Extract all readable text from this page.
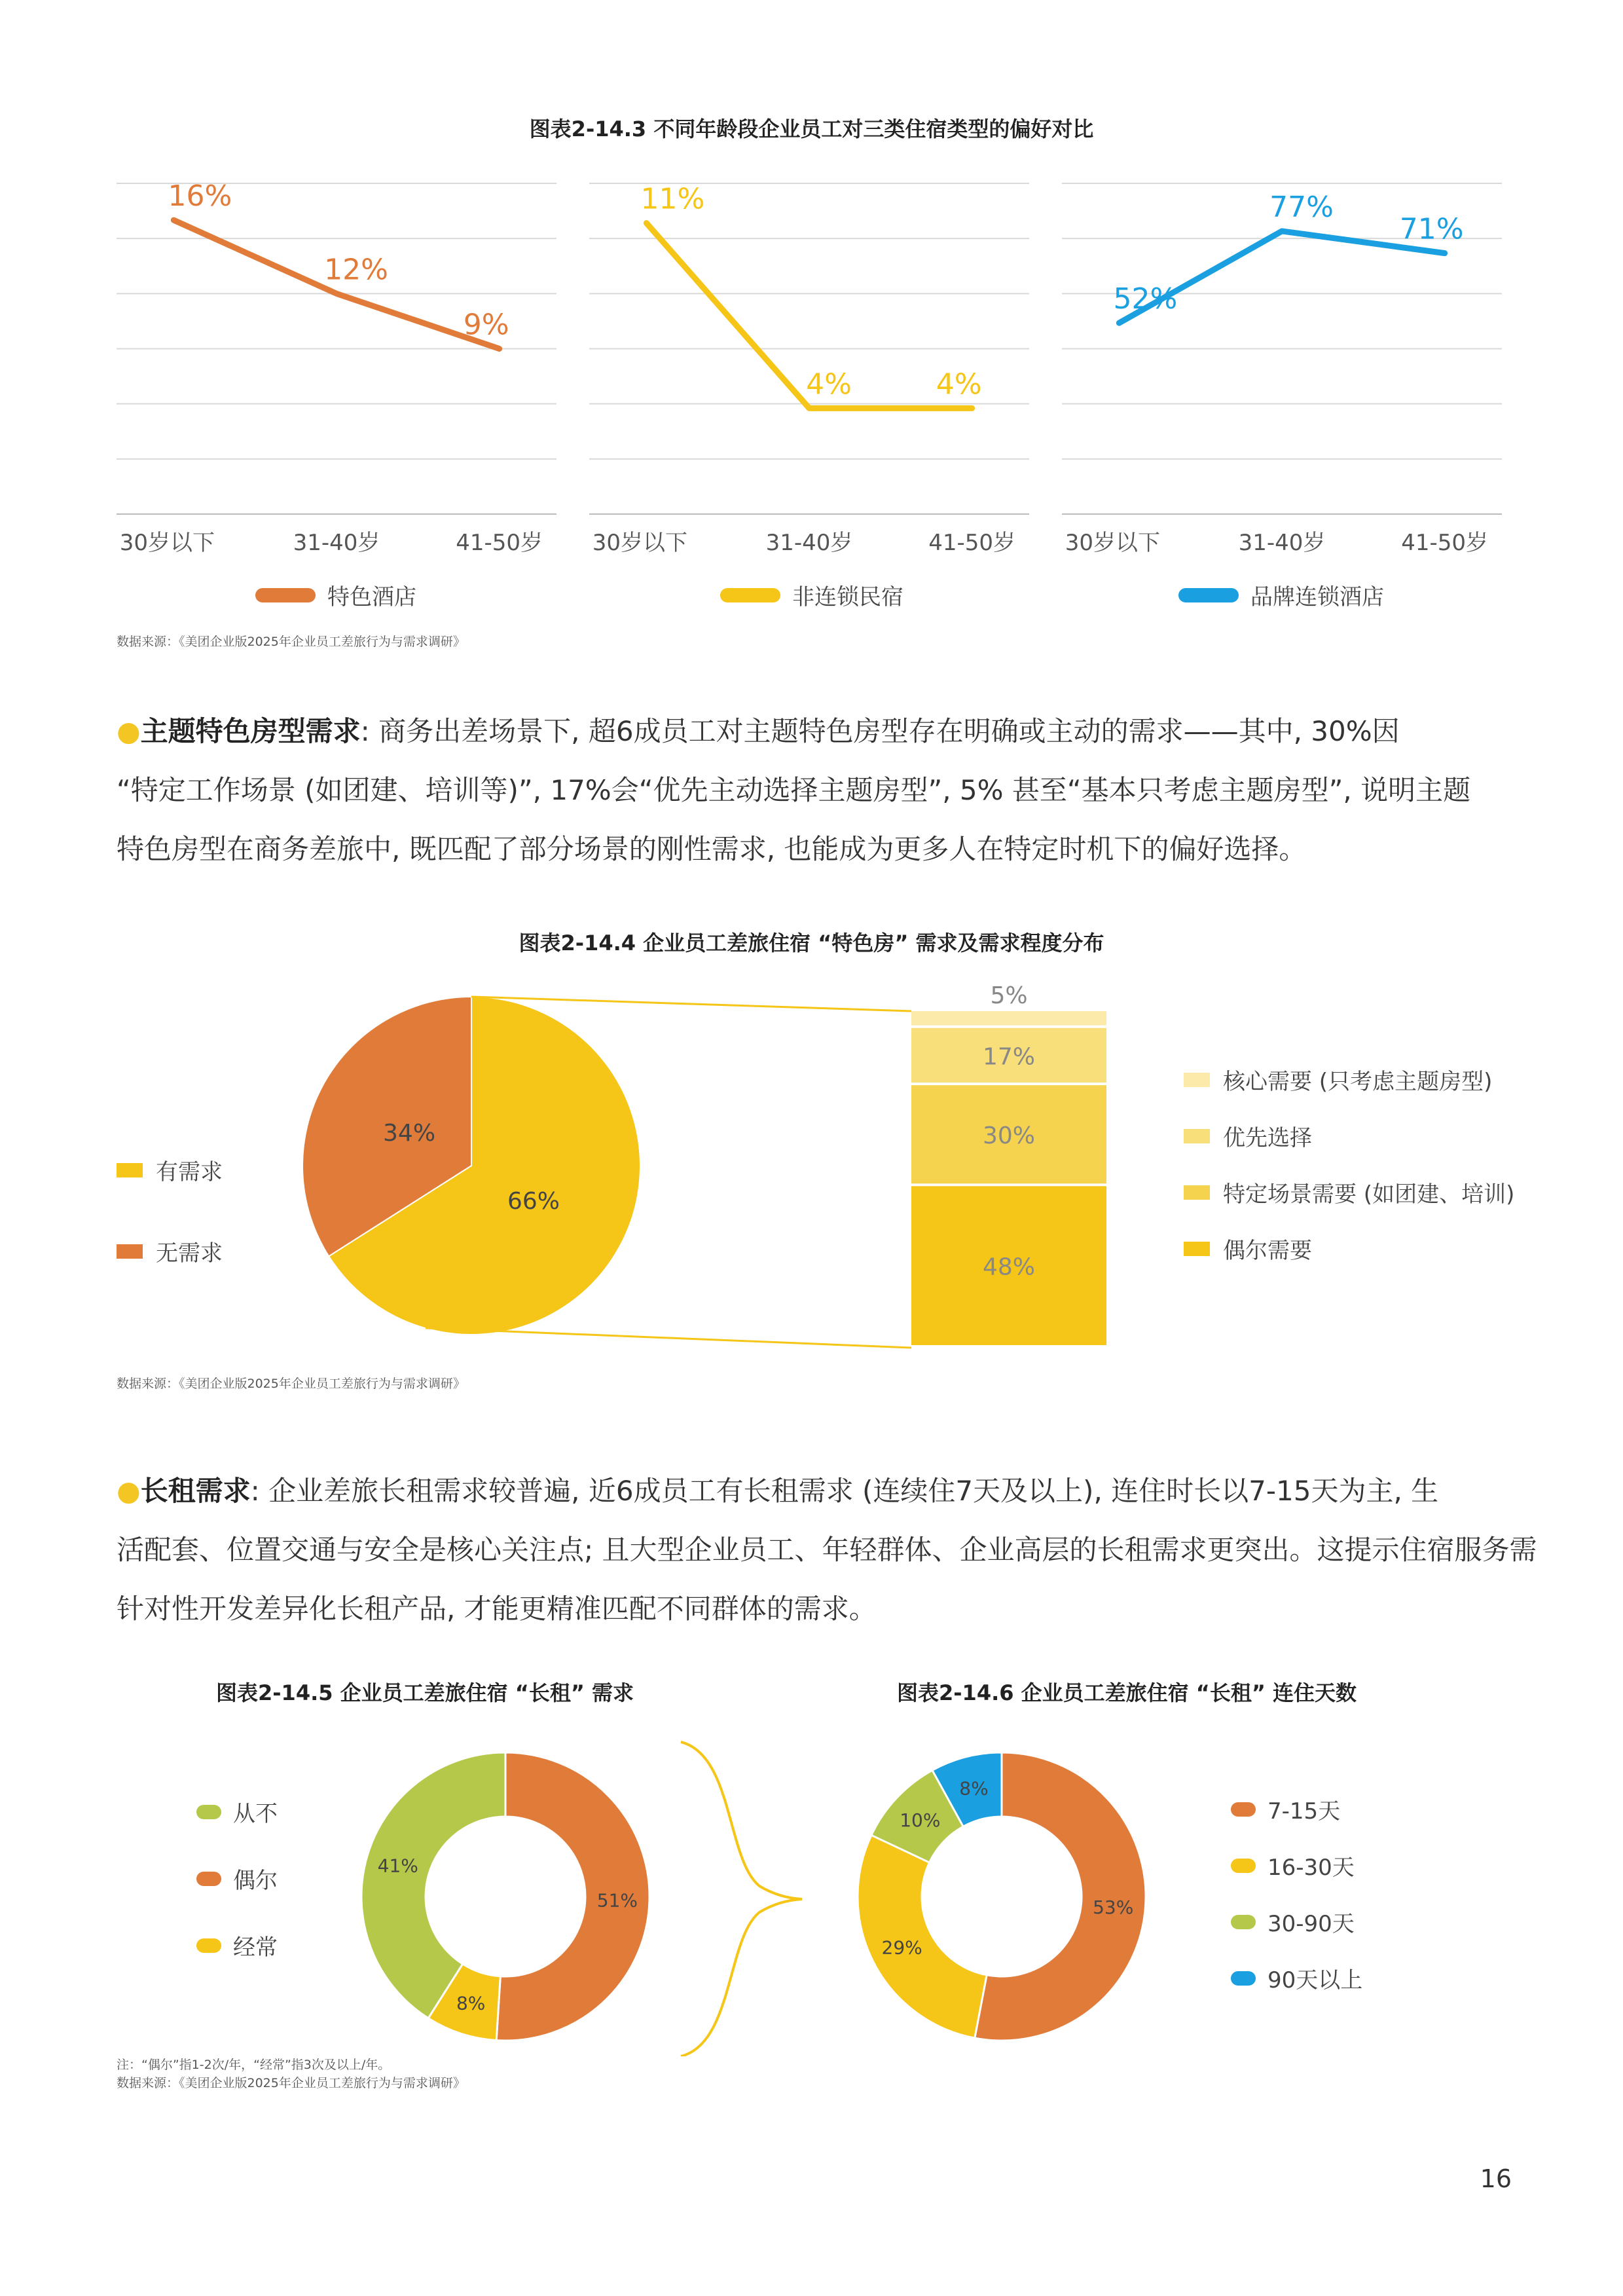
图表2-14.3 不同年龄段企业员工对三类住宿类型的偏好对比
16%
30岁以下
12%
31-40岁
9%
41-50岁
11%
30岁以下
4%
31-40岁
4%
41-50岁
52%
30岁以下
77%
31-40岁
71%
41-50岁
特色酒店	非连锁民宿	品牌连锁酒店
数据来源：《美团企业版2025年企业员工差旅行为与需求调研》
●主题特色房型需求: 商务出差场景下, 超6成员工对主题特色房型存在明确或主动的需求——其中, 30%因
“特定工作场景 (如团建、培训等)”, 17%会“优先主动选择主题房型”, 5% 甚至“基本只考虑主题房型”, 说明主题
特色房型在商务差旅中, 既匹配了部分场景的刚性需求, 也能成为更多人在特定时机下的偏好选择。
图表2-14.4 企业员工差旅住宿 “特色房” 需求及需求程度分布
66%
34%
5%
17%
30%
48%
有需求
无需求
核心需要 (只考虑主题房型)
优先选择
特定场景需要 (如团建、培训)
偶尔需要
数据来源：《美团企业版2025年企业员工差旅行为与需求调研》
●长租需求: 企业差旅长租需求较普遍, 近6成员工有长租需求 (连续住7天及以上), 连住时长以7-15天为主, 生
活配套、位置交通与安全是核心关注点; 且大型企业员工、年轻群体、企业高层的长租需求更突出。这提示住宿服务需
针对性开发差异化长租产品, 才能更精准匹配不同群体的需求。
图表2-14.5 企业员工差旅住宿 “长租” 需求	图表2-14.6 企业员工差旅住宿 “长租” 连住天数
51%
8%
41%
53%
29%
10%
8%
从不
偶尔
经常
7-15天
16-30天
30-90天
90天以上
注：“偶尔”指1-2次/年，“经常”指3次及以上/年。
数据来源：《美团企业版2025年企业员工差旅行为与需求调研》
16
